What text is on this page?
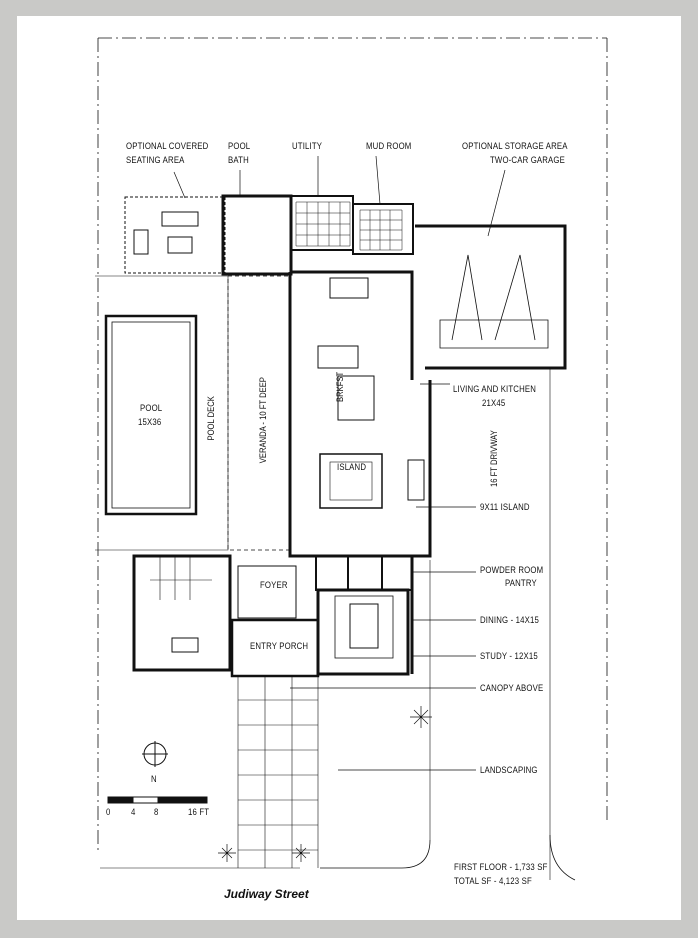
OPTIONAL COVERED
SEATING AREA
POOL
BATH
UTILITY	MUD ROOM	OPTIONAL STORAGE AREA
TWO-CAR GARAGE
POOL
15X36	POOL DECK	VERANDA - 10 FT DEEP	BRKFST
16 FT DRIVWAY
ISLAND
FOYER
ENTRY PORCH
LIVING AND KITCHEN
21X45
9X11 ISLAND
POWDER ROOM
PANTRY
DINING - 14X15
STUDY - 12X15
CANOPY ABOVE
LANDSCAPING
FIRST FLOOR - 1,733 SF
TOTAL SF - 4,123 SF
N
0 4 8	16 FT
Judiway Street
